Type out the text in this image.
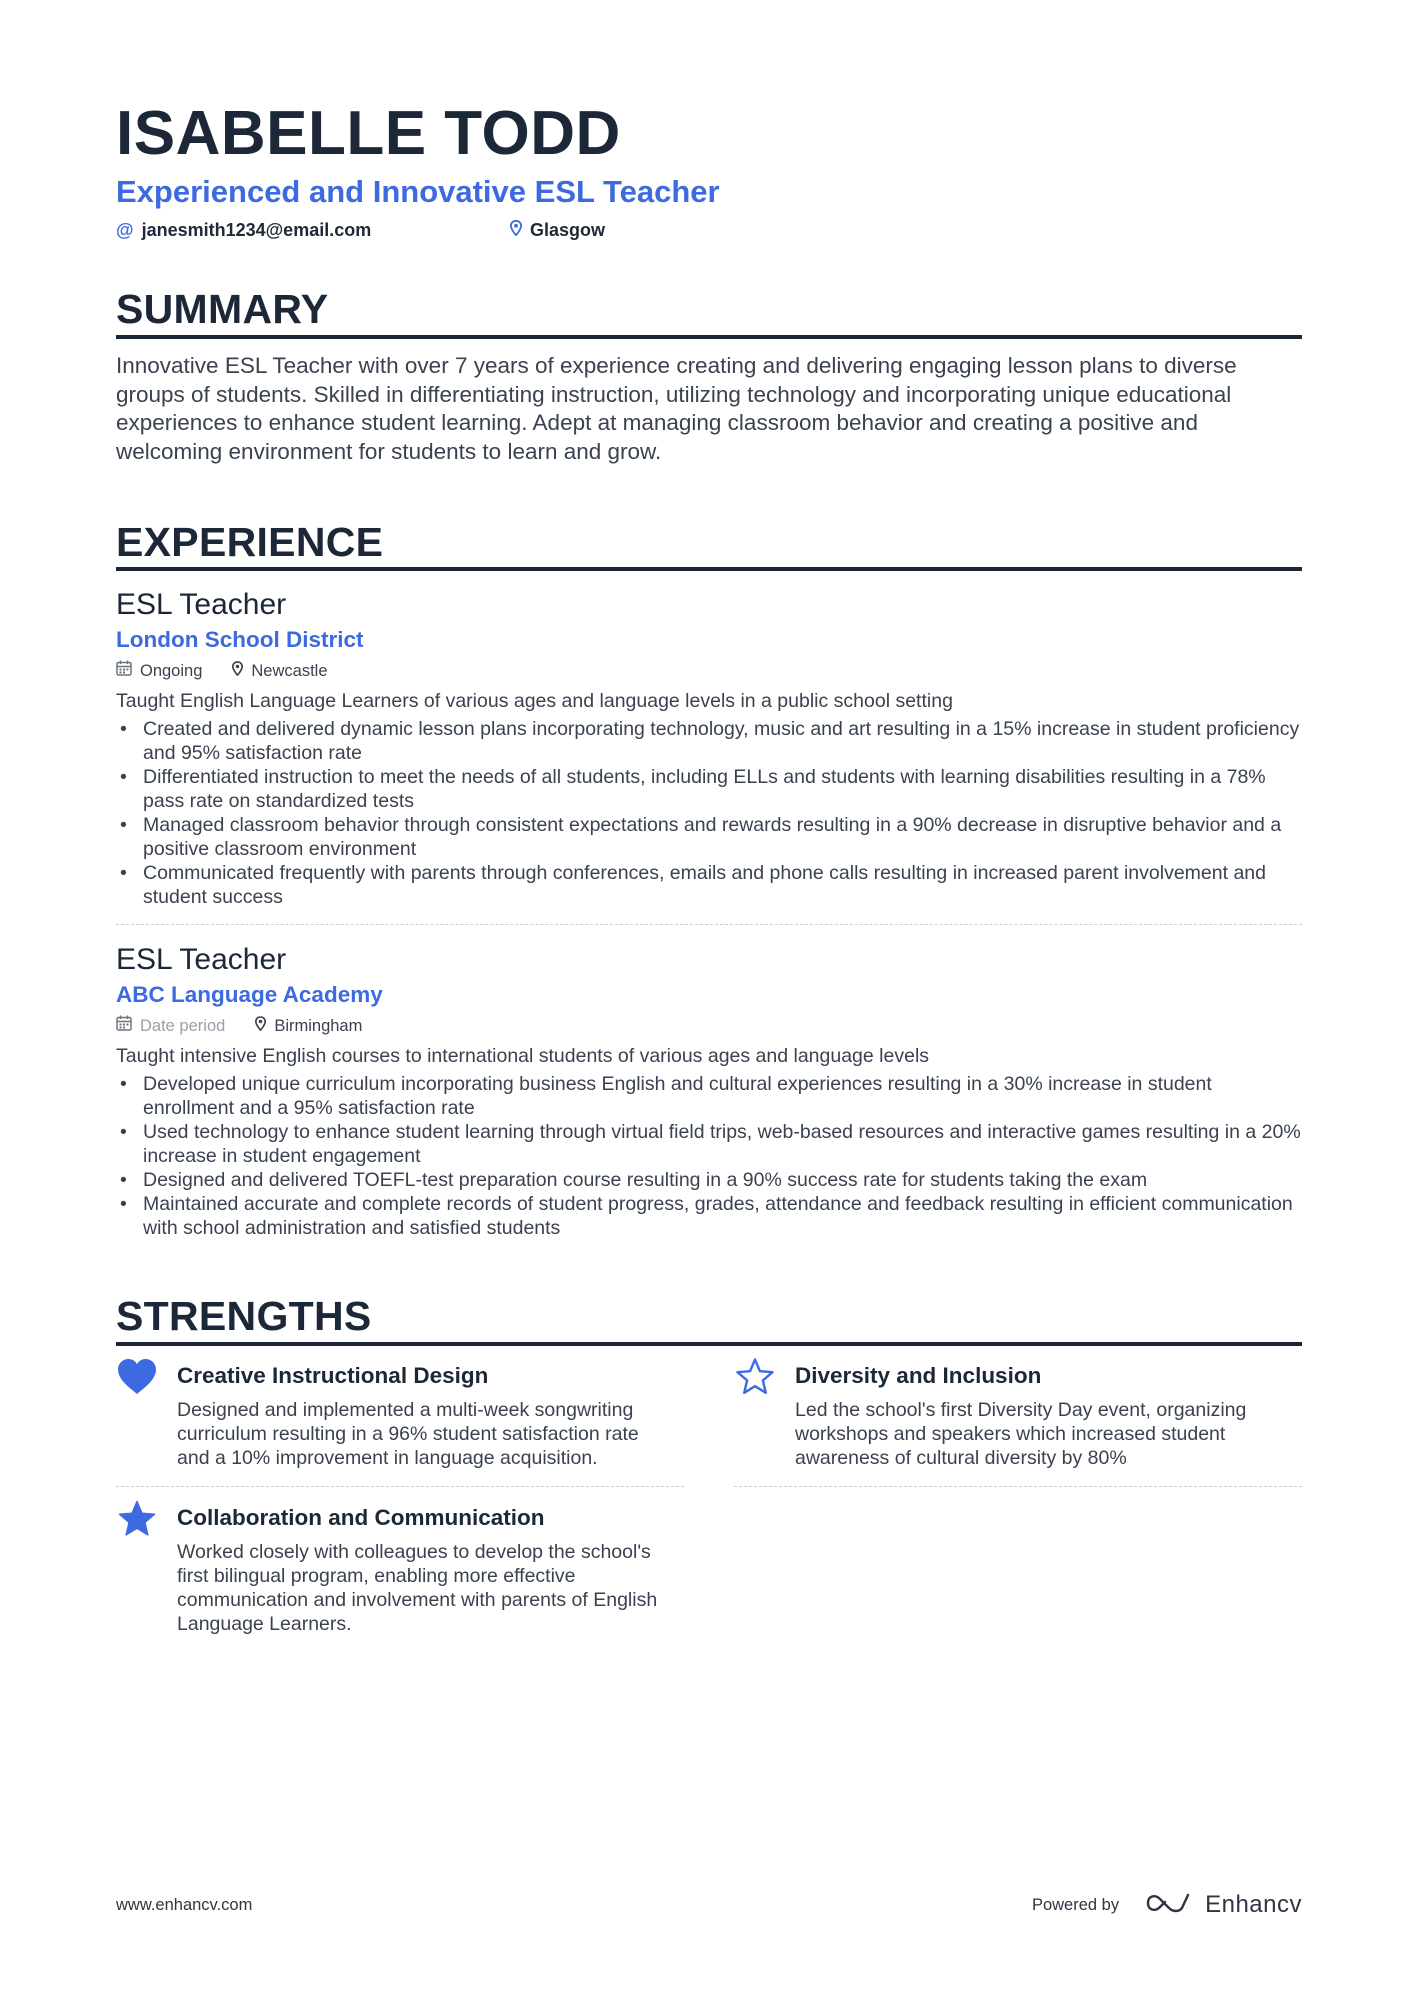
ISABELLE TODD
Experienced and Innovative ESL Teacher
@ janesmith1234@email.com	Glasgow
SUMMARY
Innovative ESL Teacher with over 7 years of experience creating and delivering engaging lesson plans to diverse groups of students. Skilled in differentiating instruction, utilizing technology and incorporating unique educational experiences to enhance student learning. Adept at managing classroom behavior and creating a positive and welcoming environment for students to learn and grow.
EXPERIENCE
ESL Teacher
London School District
Ongoing	Newcastle
Taught English Language Learners of various ages and language levels in a public school setting
• Created and delivered dynamic lesson plans incorporating technology, music and art resulting in a 15% increase in student proficiency and 95% satisfaction rate
• Differentiated instruction to meet the needs of all students, including ELLs and students with learning disabilities resulting in a 78% pass rate on standardized tests
• Managed classroom behavior through consistent expectations and rewards resulting in a 90% decrease in disruptive behavior and a positive classroom environment
• Communicated frequently with parents through conferences, emails and phone calls resulting in increased parent involvement and student success
ESL Teacher
ABC Language Academy
Date period	Birmingham
Taught intensive English courses to international students of various ages and language levels
• Developed unique curriculum incorporating business English and cultural experiences resulting in a 30% increase in student enrollment and a 95% satisfaction rate
• Used technology to enhance student learning through virtual field trips, web-based resources and interactive games resulting in a 20% increase in student engagement
• Designed and delivered TOEFL-test preparation course resulting in a 90% success rate for students taking the exam
• Maintained accurate and complete records of student progress, grades, attendance and feedback resulting in efficient communication with school administration and satisfied students
STRENGTHS
Creative Instructional Design
Designed and implemented a multi-week songwriting curriculum resulting in a 96% student satisfaction rate and a 10% improvement in language acquisition.
Diversity and Inclusion
Led the school's first Diversity Day event, organizing workshops and speakers which increased student awareness of cultural diversity by 80%
Collaboration and Communication
Worked closely with colleagues to develop the school's first bilingual program, enabling more effective communication and involvement with parents of English Language Learners.
www.enhancv.com	Powered by	Enhancv
